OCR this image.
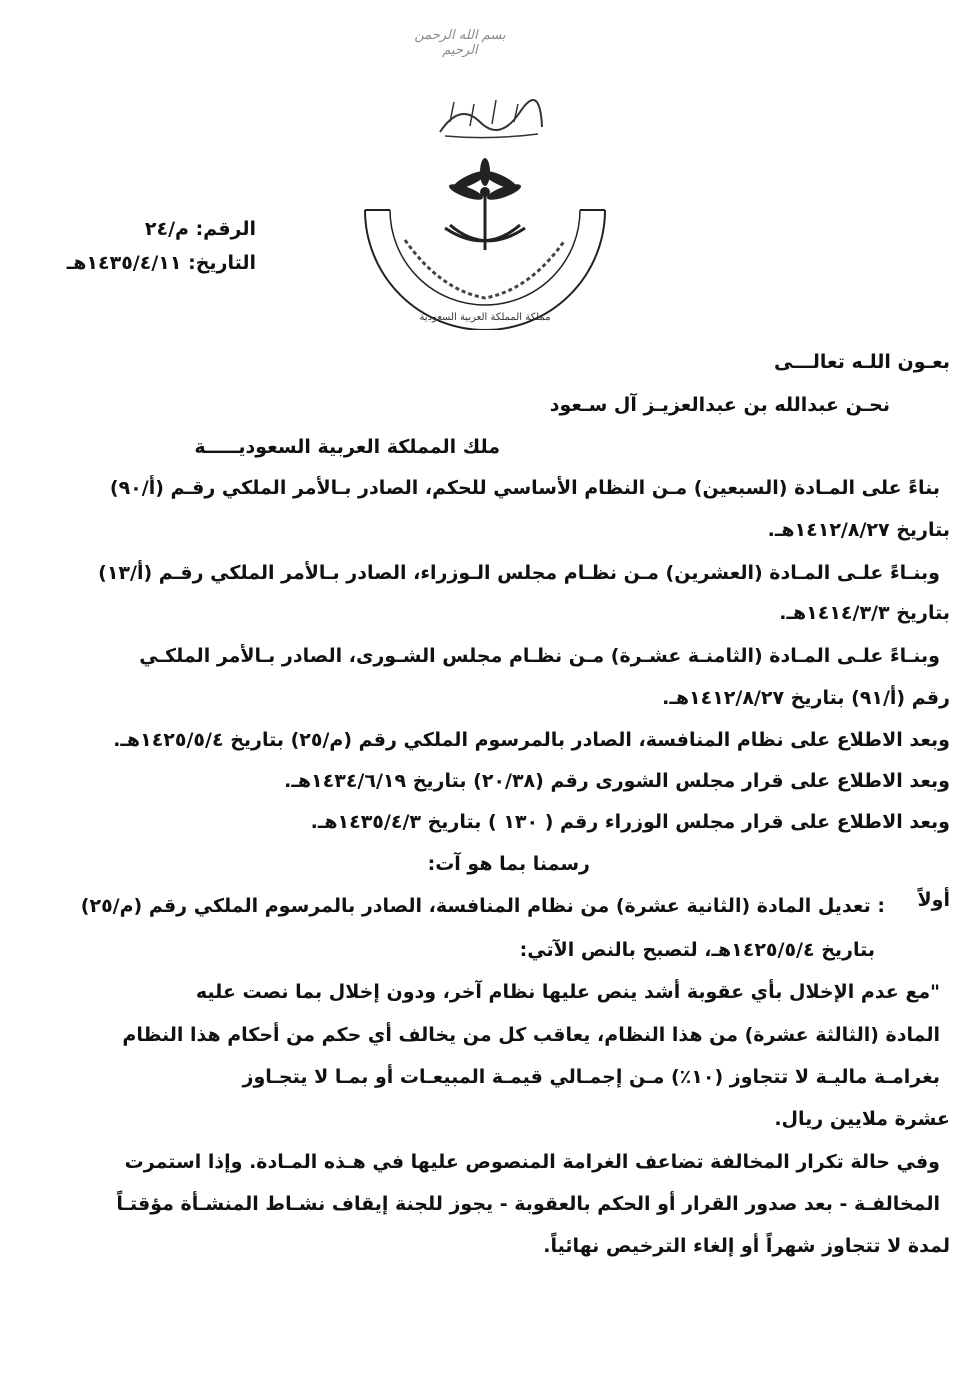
بسم الله الرحمن الرحيم
مملكة المملكة العربية السعودية
الرقم: م/٢٤
التاريخ: ١٤٣٥/٤/١١هـ
بعـون اللـه تعالـــى
نحـن عبدالله بن عبدالعزيـز آل سـعود
ملك المملكة العربية السعوديـــــة
بناءً على المـادة (السبعين) مـن النظام الأساسي للحكم، الصادر بـالأمر الملكي رقـم (أ/٩٠)
بتاريخ ١٤١٢/٨/٢٧هـ.
وبنـاءً علـى المـادة (العشرين) مـن نظـام مجلس الـوزراء، الصادر بـالأمر الملكي رقـم (أ/١٣)
بتاريخ ١٤١٤/٣/٣هـ.
وبنـاءً علـى المـادة (الثامنـة عشـرة) مـن نظـام مجلس الشـورى، الصادر بـالأمر الملكـي
رقم (أ/٩١) بتاريخ ١٤١٢/٨/٢٧هـ.
وبعد الاطلاع على نظام المنافسة، الصادر بالمرسوم الملكي رقم (م/٢٥) بتاريخ ١٤٢٥/٥/٤هـ.
وبعد الاطلاع على قرار مجلس الشورى رقم (٢٠/٣٨) بتاريخ ١٤٣٤/٦/١٩هـ.
وبعد الاطلاع على قرار مجلس الوزراء رقم ( ١٣٠ ) بتاريخ ١٤٣٥/٤/٣هـ.
رسمنا بما هو آت:
أولاً
: تعديل المادة (الثانية عشرة) من نظام المنافسة، الصادر بالمرسوم الملكي رقم (م/٢٥)
بتاريخ ١٤٢٥/٥/٤هـ، لتصبح بالنص الآتي:
"مع عدم الإخلال بأي عقوبة أشد ينص عليها نظام آخر، ودون إخلال بما نصت عليه
المادة (الثالثة عشرة) من هذا النظام، يعاقب كل من يخالف أي حكم من أحكام هذا النظام
بغرامـة ماليـة لا تتجاوز (١٠٪) مـن إجمـالي قيمـة المبيعـات أو بمـا لا يتجـاوز
عشرة ملايين ريال.
وفي حالة تكرار المخالفة تضاعف الغرامة المنصوص عليها في هـذه المـادة. وإذا استمرت
المخالفـة - بعد صدور القرار أو الحكم بالعقوبة - يجوز للجنة إيقاف نشـاط المنشـأة مؤقتـاً
لمدة لا تتجاوز شهراً أو إلغاء الترخيص نهائياً.
